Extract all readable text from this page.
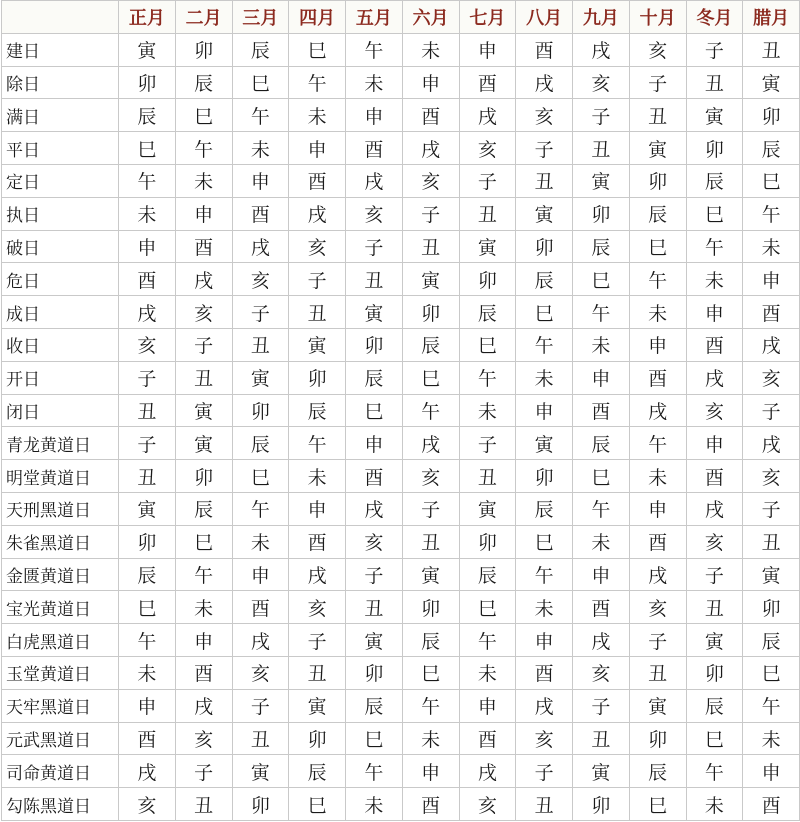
	正月	二月	三月	四月	五月	六月	七月	八月	九月	十月	冬月	腊月
建日	寅	卯	辰	巳	午	未	申	酉	戌	亥	子	丑
除日	卯	辰	巳	午	未	申	酉	戌	亥	子	丑	寅
满日	辰	巳	午	未	申	酉	戌	亥	子	丑	寅	卯
平日	巳	午	未	申	酉	戌	亥	子	丑	寅	卯	辰
定日	午	未	申	酉	戌	亥	子	丑	寅	卯	辰	巳
执日	未	申	酉	戌	亥	子	丑	寅	卯	辰	巳	午
破日	申	酉	戌	亥	子	丑	寅	卯	辰	巳	午	未
危日	酉	戌	亥	子	丑	寅	卯	辰	巳	午	未	申
成日	戌	亥	子	丑	寅	卯	辰	巳	午	未	申	酉
收日	亥	子	丑	寅	卯	辰	巳	午	未	申	酉	戌
开日	子	丑	寅	卯	辰	巳	午	未	申	酉	戌	亥
闭日	丑	寅	卯	辰	巳	午	未	申	酉	戌	亥	子
青龙黄道日	子	寅	辰	午	申	戌	子	寅	辰	午	申	戌
明堂黄道日	丑	卯	巳	未	酉	亥	丑	卯	巳	未	酉	亥
天刑黑道日	寅	辰	午	申	戌	子	寅	辰	午	申	戌	子
朱雀黑道日	卯	巳	未	酉	亥	丑	卯	巳	未	酉	亥	丑
金匮黄道日	辰	午	申	戌	子	寅	辰	午	申	戌	子	寅
宝光黄道日	巳	未	酉	亥	丑	卯	巳	未	酉	亥	丑	卯
白虎黑道日	午	申	戌	子	寅	辰	午	申	戌	子	寅	辰
玉堂黄道日	未	酉	亥	丑	卯	巳	未	酉	亥	丑	卯	巳
天牢黑道日	申	戌	子	寅	辰	午	申	戌	子	寅	辰	午
元武黑道日	酉	亥	丑	卯	巳	未	酉	亥	丑	卯	巳	未
司命黄道日	戌	子	寅	辰	午	申	戌	子	寅	辰	午	申
勾陈黑道日	亥	丑	卯	巳	未	酉	亥	丑	卯	巳	未	酉
